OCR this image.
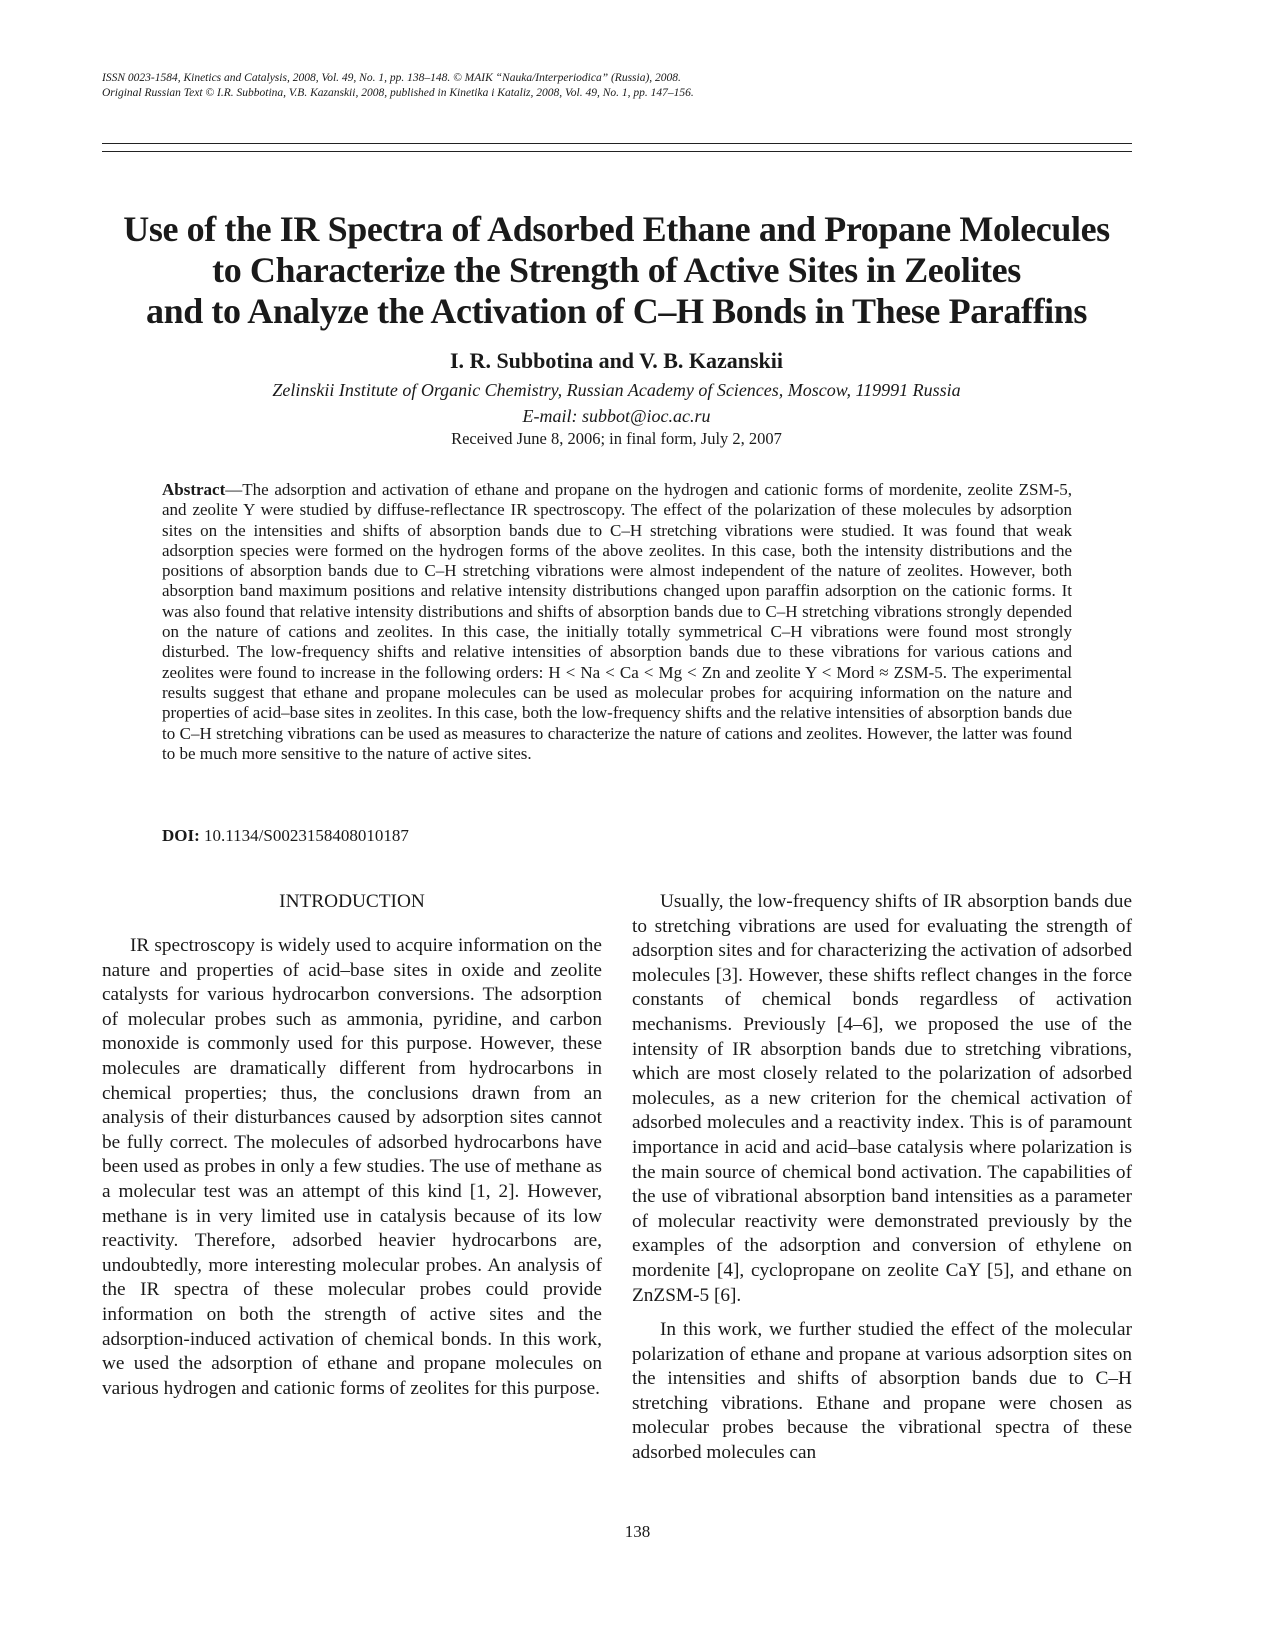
ISSN 0023-1584, Kinetics and Catalysis, 2008, Vol. 49, No. 1, pp. 138–148. © MAIK “Nauka/Interperiodica” (Russia), 2008.
Original Russian Text © I.R. Subbotina, V.B. Kazanskii, 2008, published in Kinetika i Kataliz, 2008, Vol. 49, No. 1, pp. 147–156.
Use of the IR Spectra of Adsorbed Ethane and Propane Molecules
to Characterize the Strength of Active Sites in Zeolites
and to Analyze the Activation of C–H Bonds in These Paraffins
I. R. Subbotina and V. B. Kazanskii
Zelinskii Institute of Organic Chemistry, Russian Academy of Sciences, Moscow, 119991 Russia
E-mail: subbot@ioc.ac.ru
Received June 8, 2006; in final form, July 2, 2007
Abstract—The adsorption and activation of ethane and propane on the hydrogen and cationic forms of mordenite, zeolite ZSM-5, and zeolite Y were studied by diffuse-reflectance IR spectroscopy. The effect of the polarization of these molecules by adsorption sites on the intensities and shifts of absorption bands due to C–H stretching vibrations were studied. It was found that weak adsorption species were formed on the hydrogen forms of the above zeolites. In this case, both the intensity distributions and the positions of absorption bands due to C–H stretching vibrations were almost independent of the nature of zeolites. However, both absorption band maximum positions and relative intensity distributions changed upon paraffin adsorption on the cationic forms. It was also found that relative intensity distributions and shifts of absorption bands due to C–H stretching vibrations strongly depended on the nature of cations and zeolites. In this case, the initially totally symmetrical C–H vibrations were found most strongly disturbed. The low-frequency shifts and relative intensities of absorption bands due to these vibrations for various cations and zeolites were found to increase in the following orders: H < Na < Ca < Mg < Zn and zeolite Y < Mord ≈ ZSM-5. The experimental results suggest that ethane and propane molecules can be used as molecular probes for acquiring information on the nature and properties of acid–base sites in zeolites. In this case, both the low-frequency shifts and the relative intensities of absorption bands due to C–H stretching vibrations can be used as measures to characterize the nature of cations and zeolites. However, the latter was found to be much more sensitive to the nature of active sites.
DOI: 10.1134/S0023158408010187
INTRODUCTION

IR spectroscopy is widely used to acquire information on the nature and properties of acid–base sites in oxide and zeolite catalysts for various hydrocarbon conversions. The adsorption of molecular probes such as ammonia, pyridine, and carbon monoxide is commonly used for this purpose. However, these molecules are dramatically different from hydrocarbons in chemical properties; thus, the conclusions drawn from an analysis of their disturbances caused by adsorption sites cannot be fully correct. The molecules of adsorbed hydrocarbons have been used as probes in only a few studies. The use of methane as a molecular test was an attempt of this kind [1, 2]. However, methane is in very limited use in catalysis because of its low reactivity. Therefore, adsorbed heavier hydrocarbons are, undoubtedly, more interesting molecular probes. An analysis of the IR spectra of these molecular probes could provide information on both the strength of active sites and the adsorption-induced activation of chemical bonds. In this work, we used the adsorption of ethane and propane molecules on various hydrogen and cationic forms of zeolites for this purpose.

Usually, the low-frequency shifts of IR absorption bands due to stretching vibrations are used for evaluating the strength of adsorption sites and for characterizing the activation of adsorbed molecules [3]. However, these shifts reflect changes in the force constants of chemical bonds regardless of activation mechanisms. Previously [4–6], we proposed the use of the intensity of IR absorption bands due to stretching vibrations, which are most closely related to the polarization of adsorbed molecules, as a new criterion for the chemical activation of adsorbed molecules and a reactivity index. This is of paramount importance in acid and acid–base catalysis where polarization is the main source of chemical bond activation. The capabilities of the use of vibrational absorption band intensities as a parameter of molecular reactivity were demonstrated previously by the examples of the adsorption and conversion of ethylene on mordenite [4], cyclopropane on zeolite CaY [5], and ethane on ZnZSM-5 [6].

In this work, we further studied the effect of the molecular polarization of ethane and propane at various adsorption sites on the intensities and shifts of absorption bands due to C–H stretching vibrations. Ethane and propane were chosen as molecular probes because the vibrational spectra of these adsorbed molecules can

138
